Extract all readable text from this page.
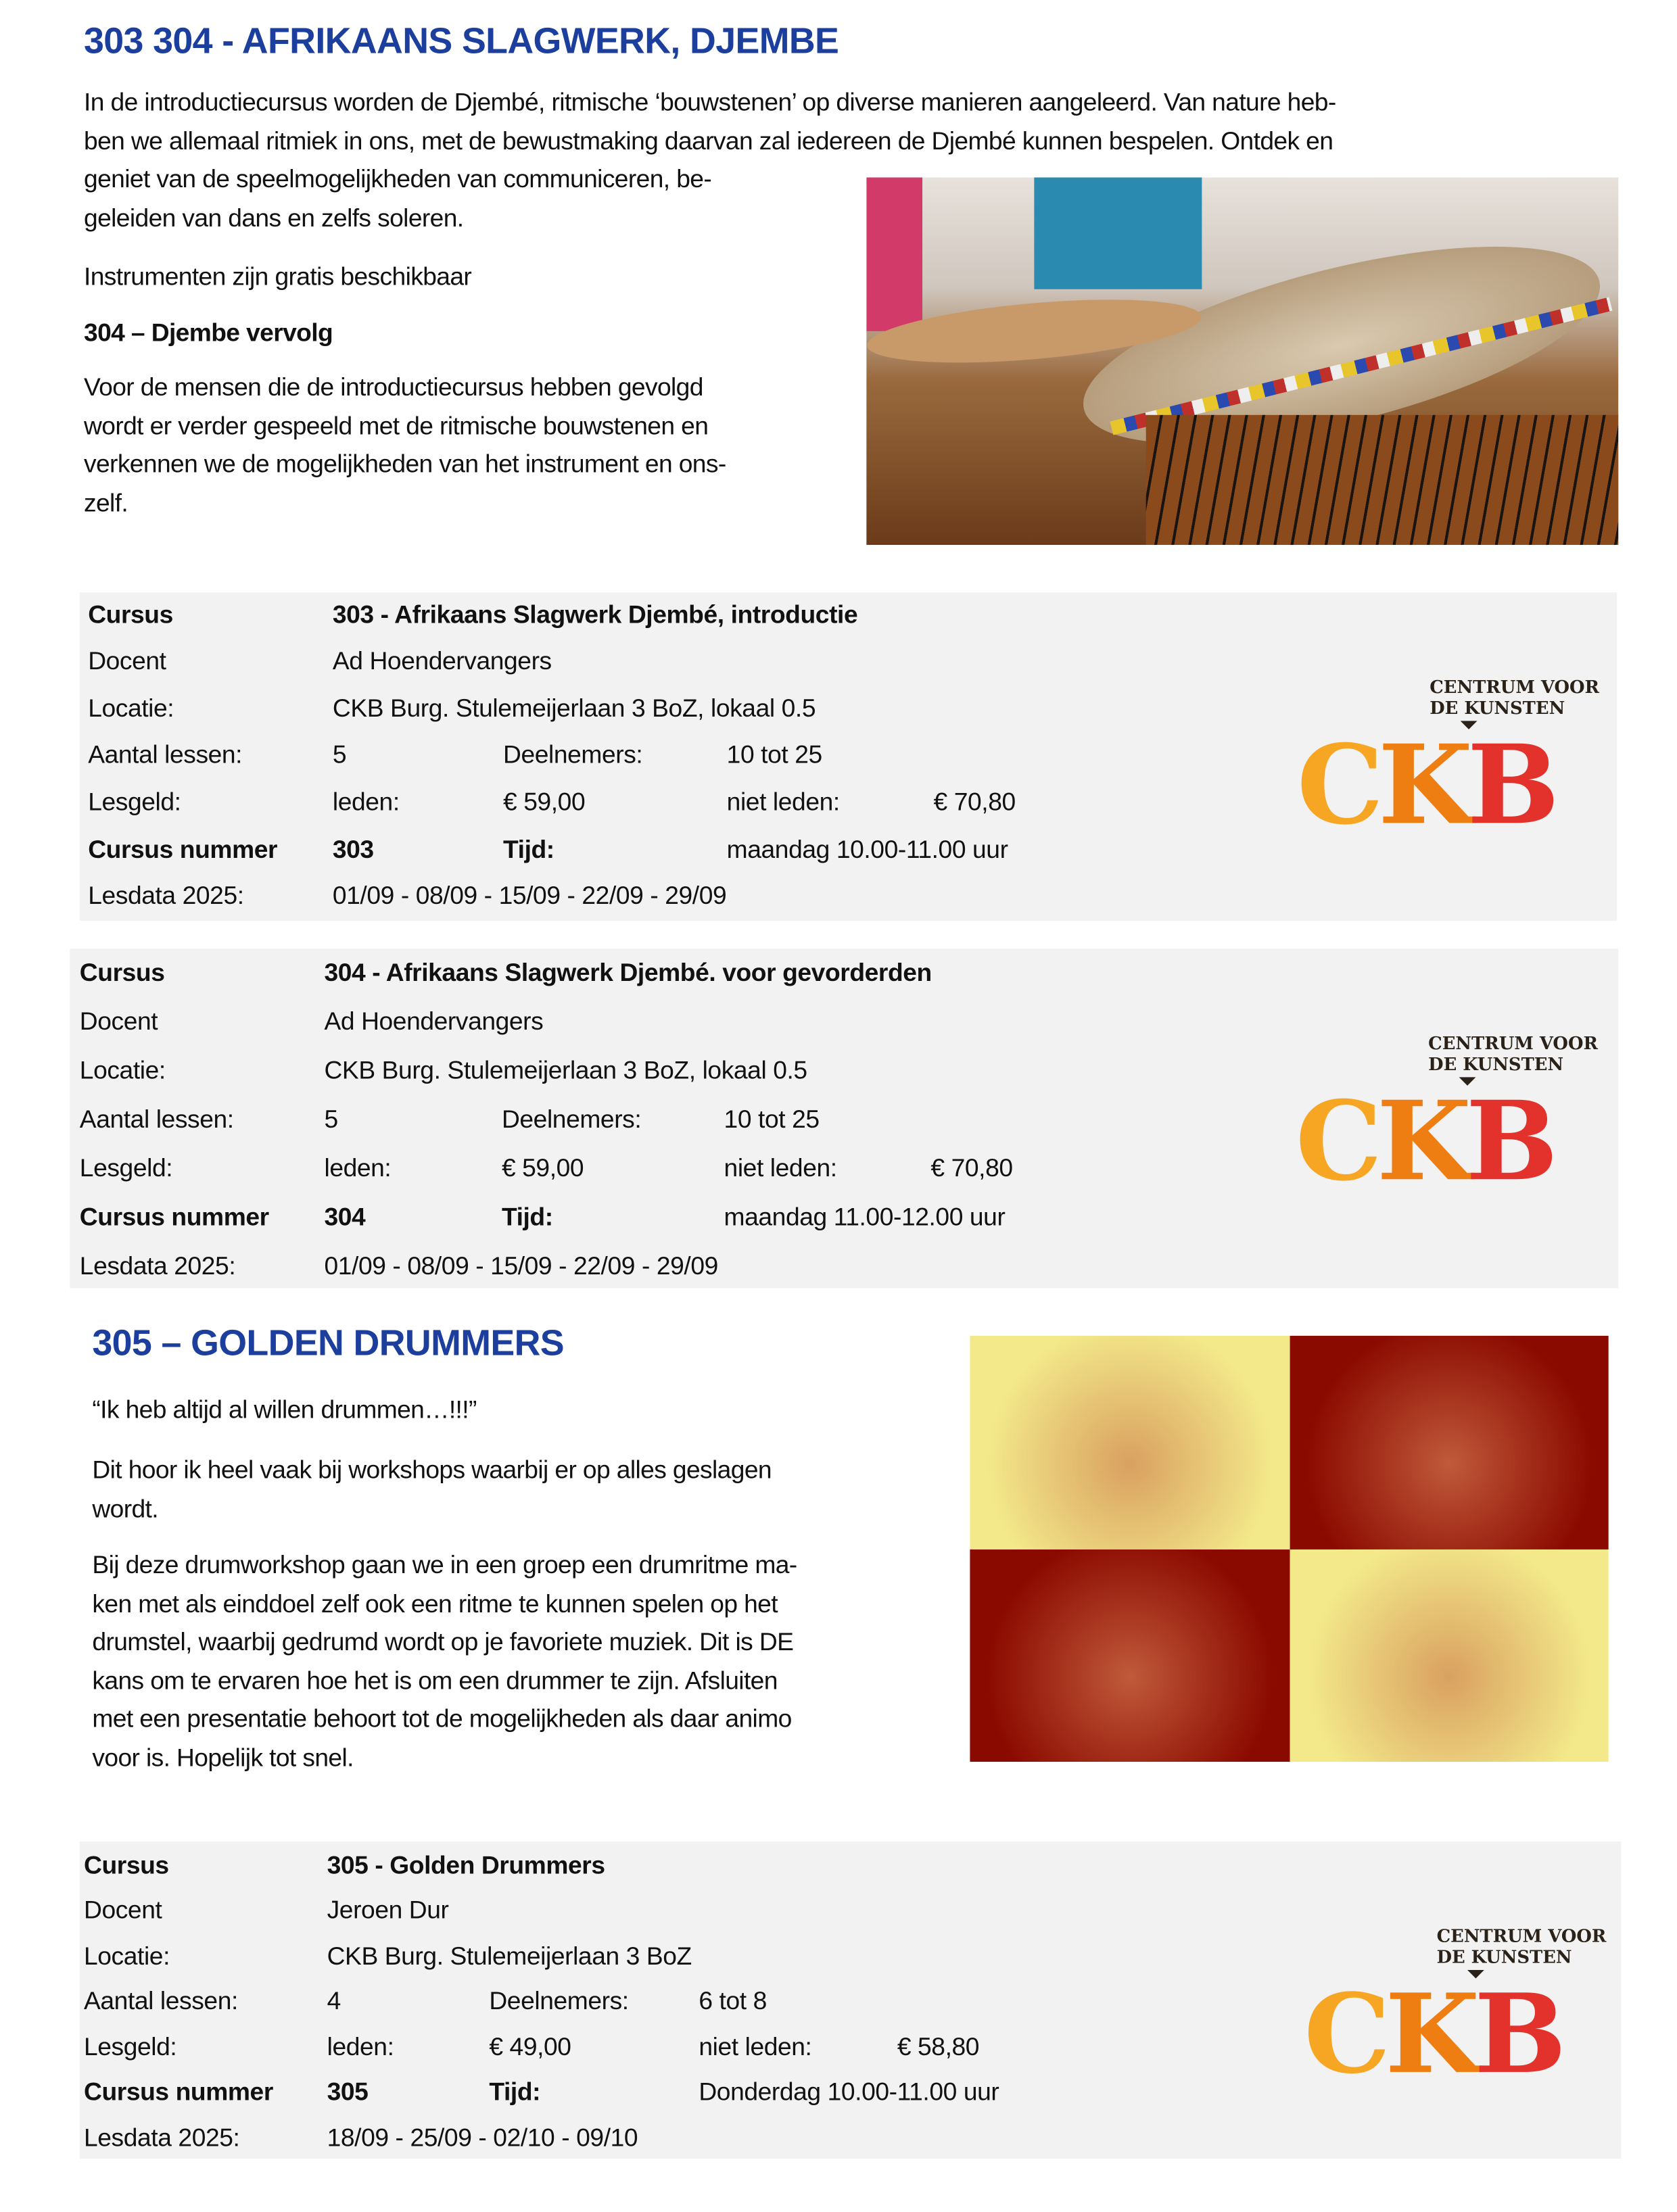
303 304 - AFRIKAANS SLAGWERK, DJEMBE
In de introductiecursus worden de Djembé, ritmische ‘bouwstenen’ op diverse manieren aangeleerd. Van nature heb-
ben we allemaal ritmiek in ons, met de bewustmaking daarvan zal iedereen de Djembé kunnen bespelen. Ontdek en
geniet van de speelmogelijkheden van communiceren, be-
geleiden van dans en zelfs soleren.
Instrumenten zijn gratis beschikbaar
304 – Djembe vervolg
Voor de mensen die de introductiecursus hebben gevolgd
wordt er verder gespeeld met de ritmische bouwstenen en
verkennen we de mogelijkheden van het instrument en ons-
zelf.
Cursus	303 - Afrikaans Slagwerk Djembé, introductie
Docent	Ad Hoendervangers
Locatie:	CKB Burg. Stulemeijerlaan 3 BoZ, lokaal 0.5
Aantal lessen:	5	Deelnemers:	10 tot 25
Lesgeld:	leden:	€ 59,00	niet leden:	€ 70,80
Cursus nummer	303	Tijd:	maandag 10.00-11.00 uur
Lesdata 2025:	01/09 - 08/09 - 15/09 - 22/09 - 29/09
CENTRUM VOOR
DE KUNSTEN
CKB
Cursus	304 - Afrikaans Slagwerk Djembé. voor gevorderden
Docent	Ad Hoendervangers
Locatie:	CKB Burg. Stulemeijerlaan 3 BoZ, lokaal 0.5
Aantal lessen:	5	Deelnemers:	10 tot 25
Lesgeld:	leden:	€ 59,00	niet leden:	€ 70,80
Cursus nummer	304	Tijd:	maandag 11.00-12.00 uur
Lesdata 2025:	01/09 - 08/09 - 15/09 - 22/09 - 29/09
CENTRUM VOOR
DE KUNSTEN
CKB
305 – GOLDEN DRUMMERS
“Ik heb altijd al willen drummen…!!!”
Dit hoor ik heel vaak bij workshops waarbij er op alles geslagen
wordt.
Bij deze drumworkshop gaan we in een groep een drumritme ma-
ken met als einddoel zelf ook een ritme te kunnen spelen op het
drumstel, waarbij gedrumd wordt op je favoriete muziek. Dit is DE
kans om te ervaren hoe het is om een drummer te zijn. Afsluiten
met een presentatie behoort tot de mogelijkheden als daar animo
voor is. Hopelijk tot snel.
Cursus	305 - Golden Drummers
Docent	Jeroen Dur
Locatie:	CKB Burg. Stulemeijerlaan 3 BoZ
Aantal lessen:	4	Deelnemers:	6 tot 8
Lesgeld:	leden:	€ 49,00	niet leden:	€ 58,80
Cursus nummer	305	Tijd:	Donderdag 10.00-11.00 uur
Lesdata 2025:	18/09 - 25/09 - 02/10 - 09/10
CENTRUM VOOR
DE KUNSTEN
CKB
